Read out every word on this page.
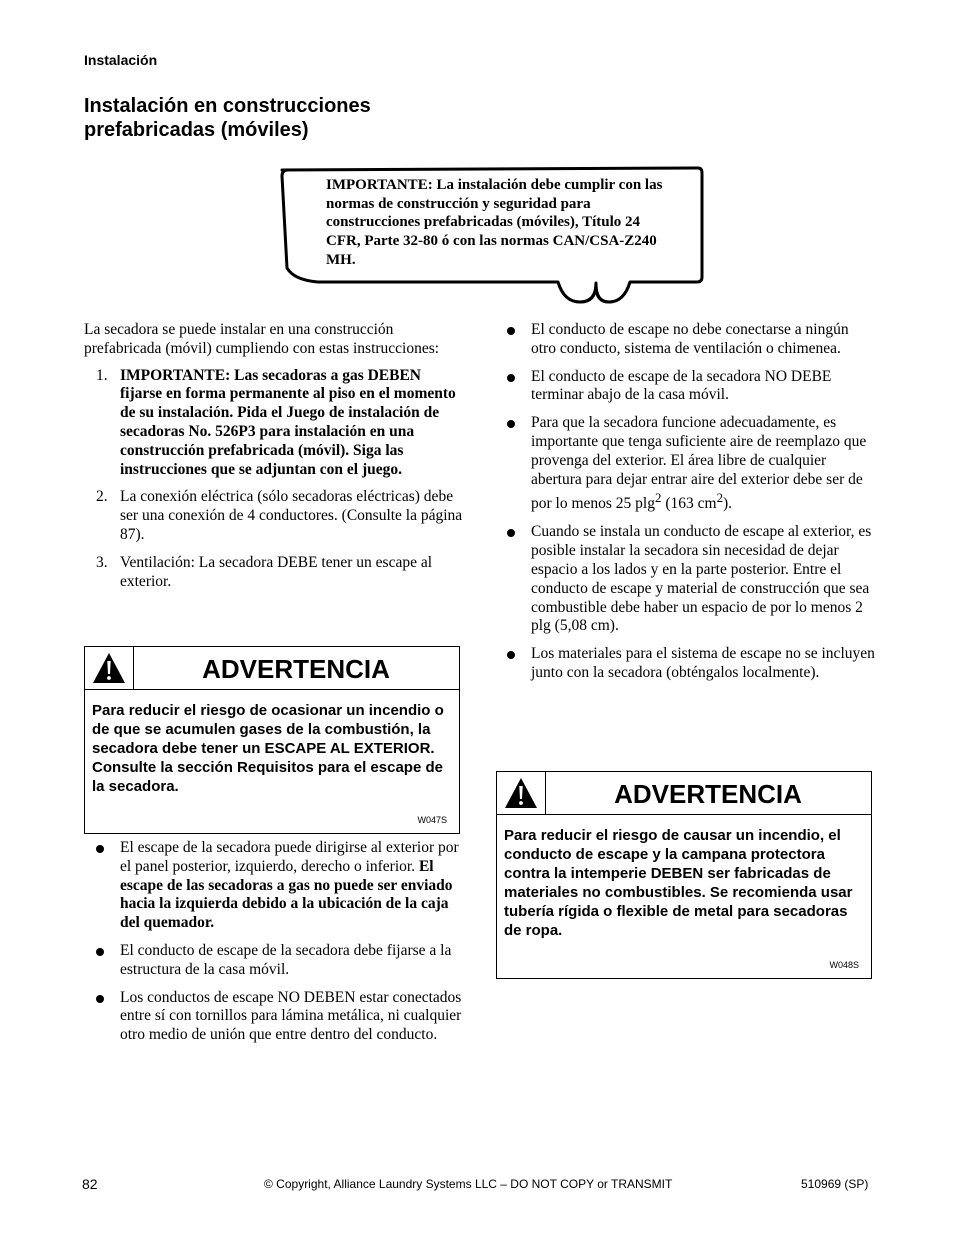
Instalación
Instalación en construcciones prefabricadas (móviles)
IMPORTANTE: La instalación debe cumplir con las normas de construcción y seguridad para construcciones prefabricadas (móviles), Título 24 CFR, Parte 32-80 ó con las normas CAN/CSA-Z240 MH.

La secadora se puede instalar en una construcción prefabricada (móvil) cumpliendo con estas instrucciones:

1. IMPORTANTE: Las secadoras a gas DEBEN fijarse en forma permanente al piso en el momento de su instalación. Pida el Juego de instalación de secadoras No. 526P3 para instalación en una construcción prefabricada (móvil). Siga las instrucciones que se adjuntan con el juego.
2. La conexión eléctrica (sólo secadoras eléctricas) debe ser una conexión de 4 conductores. (Consulte la página 87).
3. Ventilación: La secadora DEBE tener un escape al exterior.
ADVERTENCIA
Para reducir el riesgo de ocasionar un incendio o de que se acumulen gases de la combustión, la secadora debe tener un ESCAPE AL EXTERIOR. Consulte la sección Requisitos para el escape de la secadora.
W047S
El escape de la secadora puede dirigirse al exterior por el panel posterior, izquierdo, derecho o inferior. El escape de las secadoras a gas no puede ser enviado hacia la izquierda debido a la ubicación de la caja del quemador.
El conducto de escape de la secadora debe fijarse a la estructura de la casa móvil.
Los conductos de escape NO DEBEN estar conectados entre sí con tornillos para lámina metálica, ni cualquier otro medio de unión que entre dentro del conducto.
El conducto de escape no debe conectarse a ningún otro conducto, sistema de ventilación o chimenea.
El conducto de escape de la secadora NO DEBE terminar abajo de la casa móvil.
Para que la secadora funcione adecuadamente, es importante que tenga suficiente aire de reemplazo que provenga del exterior. El área libre de cualquier abertura para dejar entrar aire del exterior debe ser de por lo menos 25 plg$^2$ (163 $cm^2$).
Cuando se instala un conducto de escape al exterior, es posible instalar la secadora sin necesidad de dejar espacio a los lados y en la parte posterior. Entre el conducto de escape y material de construcción que sea combustible debe haber un espacio de por lo menos 2 plg (5,08 cm).
Los materiales para el sistema de escape no se incluyen junto con la secadora (obténgalos localmente).
ADVERTENCIA
Para reducir el riesgo de causar un incendio, el conducto de escape y la campana protectora contra la intemperie DEBEN ser fabricadas de materiales no combustibles. Se recomienda usar tubería rígida o flexible de metal para secadoras de ropa.
W048S
82	© Copyright, Alliance Laundry Systems LLC – DO NOT COPY or TRANSMIT	510969 (SP)
